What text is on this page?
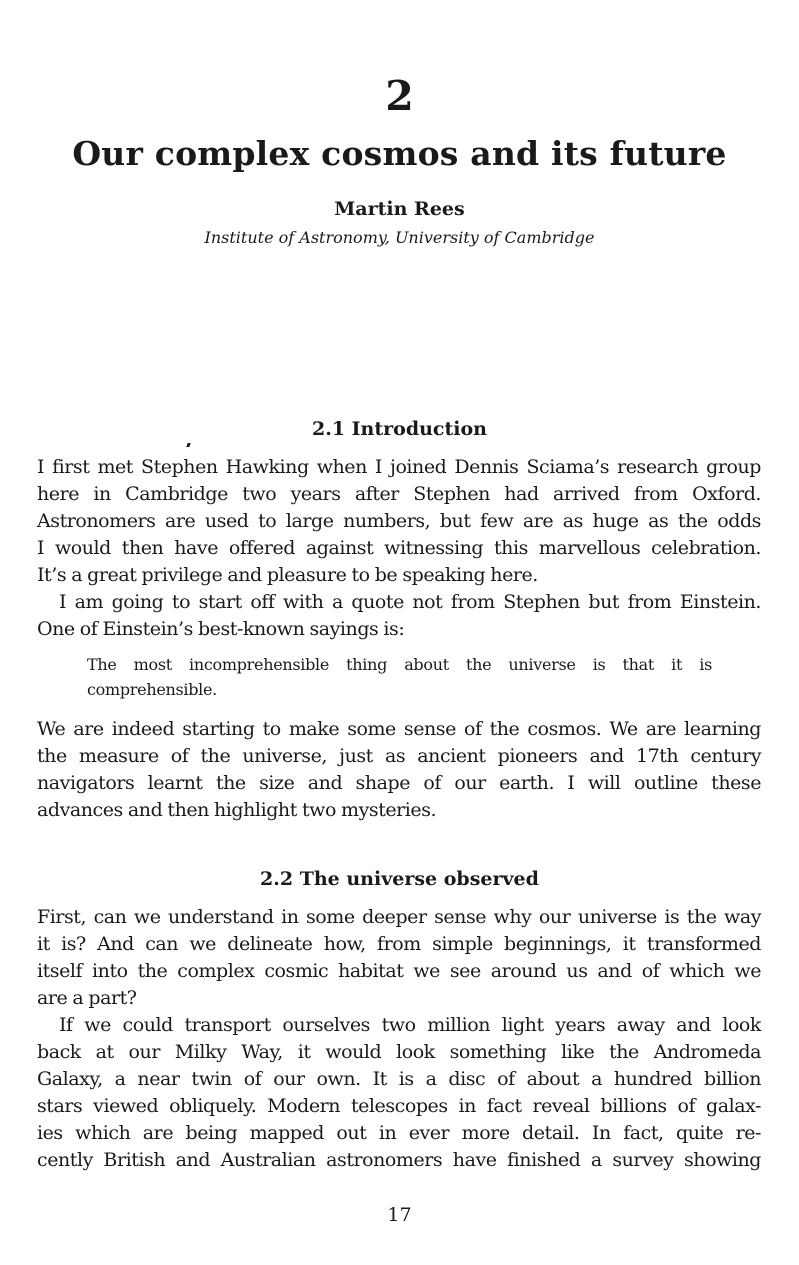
2
Our complex cosmos and its future
Martin Rees
Institute of Astronomy, University of Cambridge
2.1 Introduction
I first met Stephen Hawking when I joined Dennis Sciama’s research group
here in Cambridge two years after Stephen had arrived from Oxford.
Astronomers are used to large numbers, but few are as huge as the odds
I would then have offered against witnessing this marvellous celebration.
It’s a great privilege and pleasure to be speaking here.
I am going to start off with a quote not from Stephen but from Einstein.
One of Einstein’s best-known sayings is:
The most incomprehensible thing about the universe is that it is
comprehensible.
We are indeed starting to make some sense of the cosmos. We are learning
the measure of the universe, just as ancient pioneers and 17th century
navigators learnt the size and shape of our earth. I will outline these
advances and then highlight two mysteries.
2.2 The universe observed
First, can we understand in some deeper sense why our universe is the way
it is? And can we delineate how, from simple beginnings, it transformed
itself into the complex cosmic habitat we see around us and of which we
are a part?
If we could transport ourselves two million light years away and look
back at our Milky Way, it would look something like the Andromeda
Galaxy, a near twin of our own. It is a disc of about a hundred billion
stars viewed obliquely. Modern telescopes in fact reveal billions of galax-
ies which are being mapped out in ever more detail. In fact, quite re-
cently British and Australian astronomers have finished a survey showing
17
